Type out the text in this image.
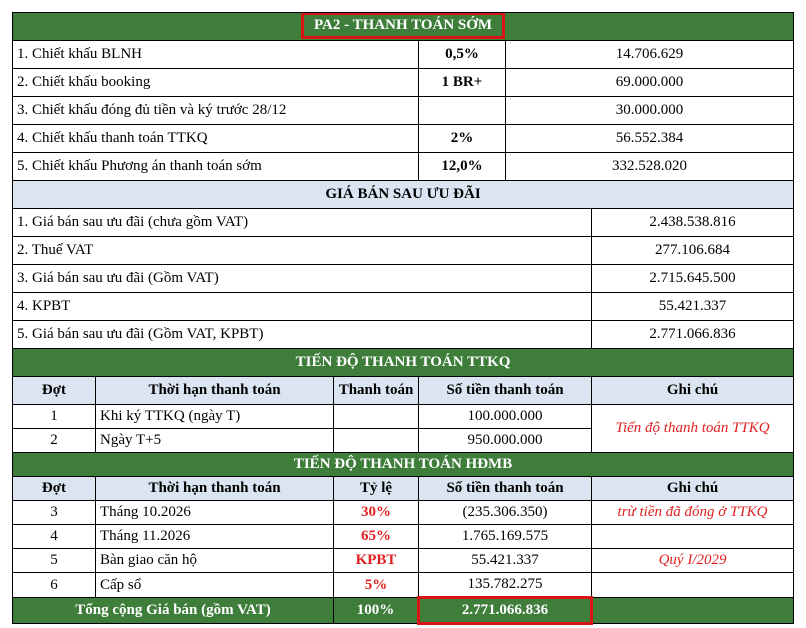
PA2 - THANH TOÁN SỚM					
1. Chiết khấu BLNH			0,5%	14.706.629	
2. Chiết khấu booking			1 BR+	69.000.000	
3. Chiết khấu đóng đủ tiền và ký trước 28/12				30.000.000	
4. Chiết khấu thanh toán TTKQ			2%	56.552.384	
5. Chiết khấu Phương án thanh toán sớm			12,0%	332.528.020	
GIÁ BÁN SAU ƯU ĐÃI					
1. Giá bán sau ưu đãi (chưa gồm VAT)					2.438.538.816
2. Thuế VAT					277.106.684
3. Giá bán sau ưu đãi (Gồm VAT)					2.715.645.500
4. KPBT					55.421.337
5. Giá bán sau ưu đãi (Gồm VAT, KPBT)					2.771.066.836
TIẾN ĐỘ THANH TOÁN TTKQ					
Đợt	Thời hạn thanh toán	Thanh toán	Số tiền thanh toán		Ghi chú
1	Khi ký TTKQ (ngày T)		100.000.000		Tiến độ thanh toán TTKQ
2	Ngày T+5		950.000.000		
TIẾN ĐỘ THANH TOÁN HĐMB					
Đợt	Thời hạn thanh toán	Tỷ lệ	Số tiền thanh toán		Ghi chú
3	Tháng 10.2026	30%	(235.306.350)		trừ tiền đã đóng ở TTKQ
4	Tháng 11.2026	65%	1.765.169.575		
5	Bàn giao căn hộ	KPBT	55.421.337		Quý I/2029
6	Cấp sổ	5%	135.782.275		
Tổng cộng Giá bán (gồm VAT)		100%	2.771.066.836		
